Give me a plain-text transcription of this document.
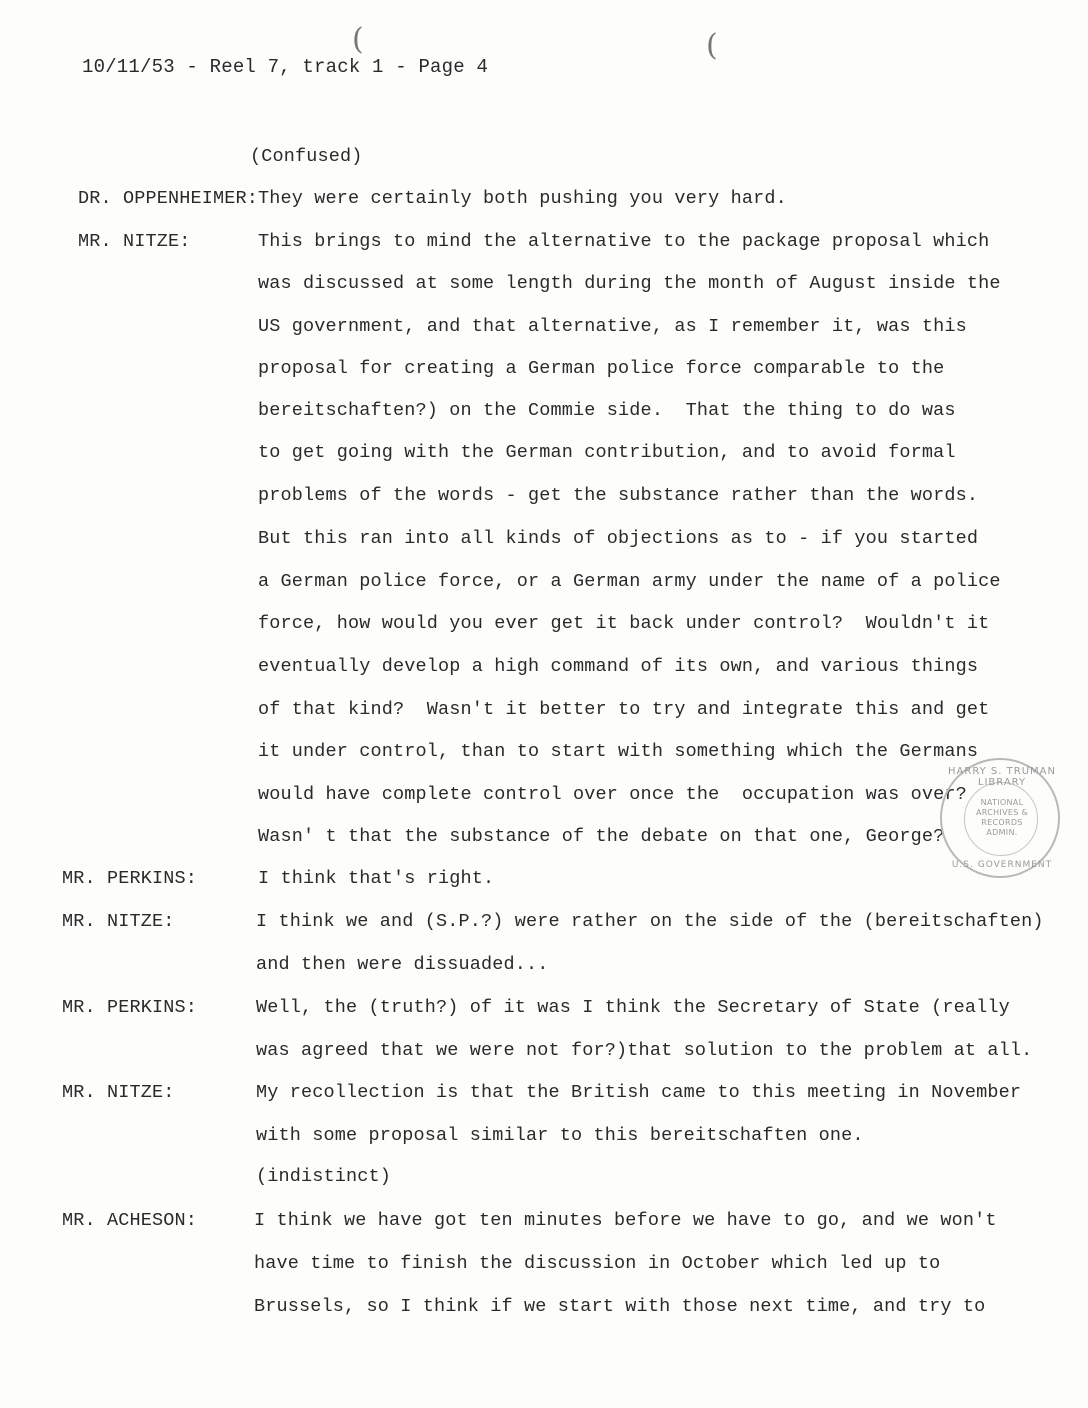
10/11/53 - Reel 7, track 1 - Page 4
(	(
(Confused)
DR. OPPENHEIMER: They were certainly both pushing you very hard.
MR. NITZE:	This brings to mind the alternative to the package proposal which
was discussed at some length during the month of August inside the
US government, and that alternative, as I remember it, was this
proposal for creating a German police force comparable to the
bereitschaften?) on the Commie side.  That the thing to do was
to get going with the German contribution, and to avoid formal
problems of the words - get the substance rather than the words.
But this ran into all kinds of objections as to - if you started
a German police force, or a German army under the name of a police
force, how would you ever get it back under control?  Wouldn't it
eventually develop a high command of its own, and various things
of that kind?  Wasn't it better to try and integrate this and get
it under control, than to start with something which the Germans
would have complete control over once the  occupation was over?
Wasn' t that the substance of the debate on that one, George?
MR. PERKINS:	I think that's right.
MR. NITZE:	I think we and (S.P.?) were rather on the side of the (bereitschaften)
and then were dissuaded...
MR. PERKINS:	Well, the (truth?) of it was I think the Secretary of State (really
was agreed that we were not for?)that solution to the problem at all.
MR. NITZE:	My recollection is that the British came to this meeting in November
with some proposal similar to this bereitschaften one.
(indistinct)
MR. ACHESON:	I think we have got ten minutes before we have to go, and we won't
have time to finish the discussion in October which led up to
Brussels, so I think if we start with those next time, and try to
HARRY S. TRUMAN LIBRARY
NATIONAL
ARCHIVES &
RECORDS
ADMIN.
U.S. GOVERNMENT
